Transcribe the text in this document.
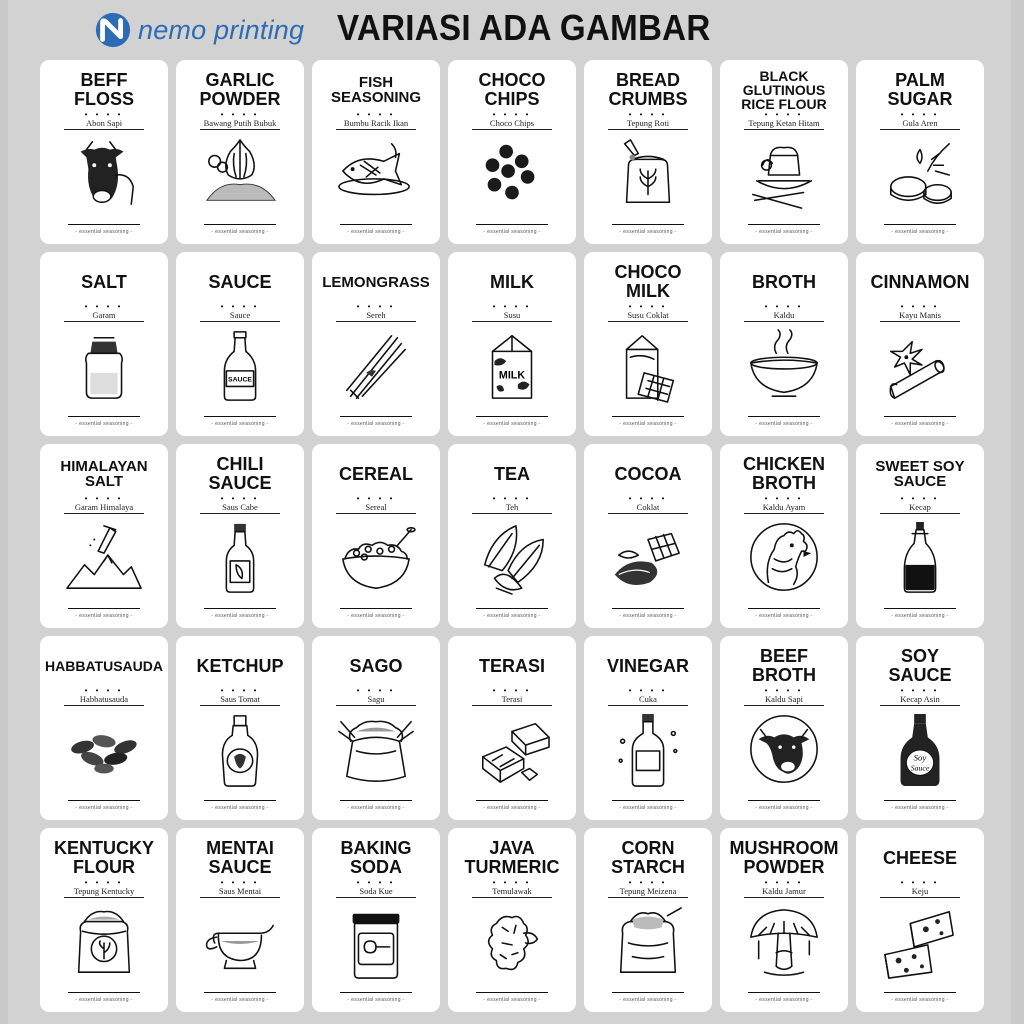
nemo printing VARIASI ADA GAMBAR
BEFF
FLOSS
• • • •
Abon Sapi
- essential seasoning -
GARLIC
POWDER
• • • •
Bawang Putih Bubuk
- essential seasoning -
FISH
SEASONING
• • • •
Bumbu Racik Ikan
- essential seasoning -
CHOCO
CHIPS
• • • •
Choco Chips
- essential seasoning -
BREAD
CRUMBS
• • • •
Tepung Roti
- essential seasoning -
BLACK
GLUTINOUS
RICE FLOUR
• • • •
Tepung Ketan Hitam
- essential seasoning -
PALM
SUGAR
• • • •
Gula Aren
- essential seasoning -
SALT
• • • •
Garam
- essential seasoning -
SAUCE
• • • •
Sauce
SAUCE
- essential seasoning -
LEMONGRASS
• • • •
Sereh
- essential seasoning -
MILK
• • • •
Susu
MILK
- essential seasoning -
CHOCO
MILK
• • • •
Susu Coklat
- essential seasoning -
BROTH
• • • •
Kaldu
- essential seasoning -
CINNAMON
• • • •
Kayu Manis
- essential seasoning -
HIMALAYAN
SALT
• • • •
Garam Himalaya
- essential seasoning -
CHILI
SAUCE
• • • •
Saus Cabe
- essential seasoning -
CEREAL
• • • •
Sereal
- essential seasoning -
TEA
• • • •
Teh
- essential seasoning -
COCOA
• • • •
Coklat
- essential seasoning -
CHICKEN
BROTH
• • • •
Kaldu Ayam
- essential seasoning -
SWEET SOY
SAUCE
• • • •
Kecap
- essential seasoning -
HABBATUSAUDA
• • • •
Habbatusauda
- essential seasoning -
KETCHUP
• • • •
Saus Tomat
- essential seasoning -
SAGO
• • • •
Sagu
- essential seasoning -
TERASI
• • • •
Terasi
- essential seasoning -
VINEGAR
• • • •
Cuka
- essential seasoning -
BEEF
BROTH
• • • •
Kaldu Sapi
- essential seasoning -
SOY
SAUCE
• • • •
Kecap Asin
Soy
Sauce
- essential seasoning -
KENTUCKY
FLOUR
• • • •
Tepung Kentucky
- essential seasoning -
MENTAI
SAUCE
• • • •
Saus Mentai
- essential seasoning -
BAKING
SODA
• • • •
Soda Kue
- essential seasoning -
JAVA
TURMERIC
• • • •
Temulawak
- essential seasoning -
CORN
STARCH
• • • •
Tepung Meizena
- essential seasoning -
MUSHROOM
POWDER
• • • •
Kaldu Jamur
- essential seasoning -
CHEESE
• • • •
Keju
- essential seasoning -
